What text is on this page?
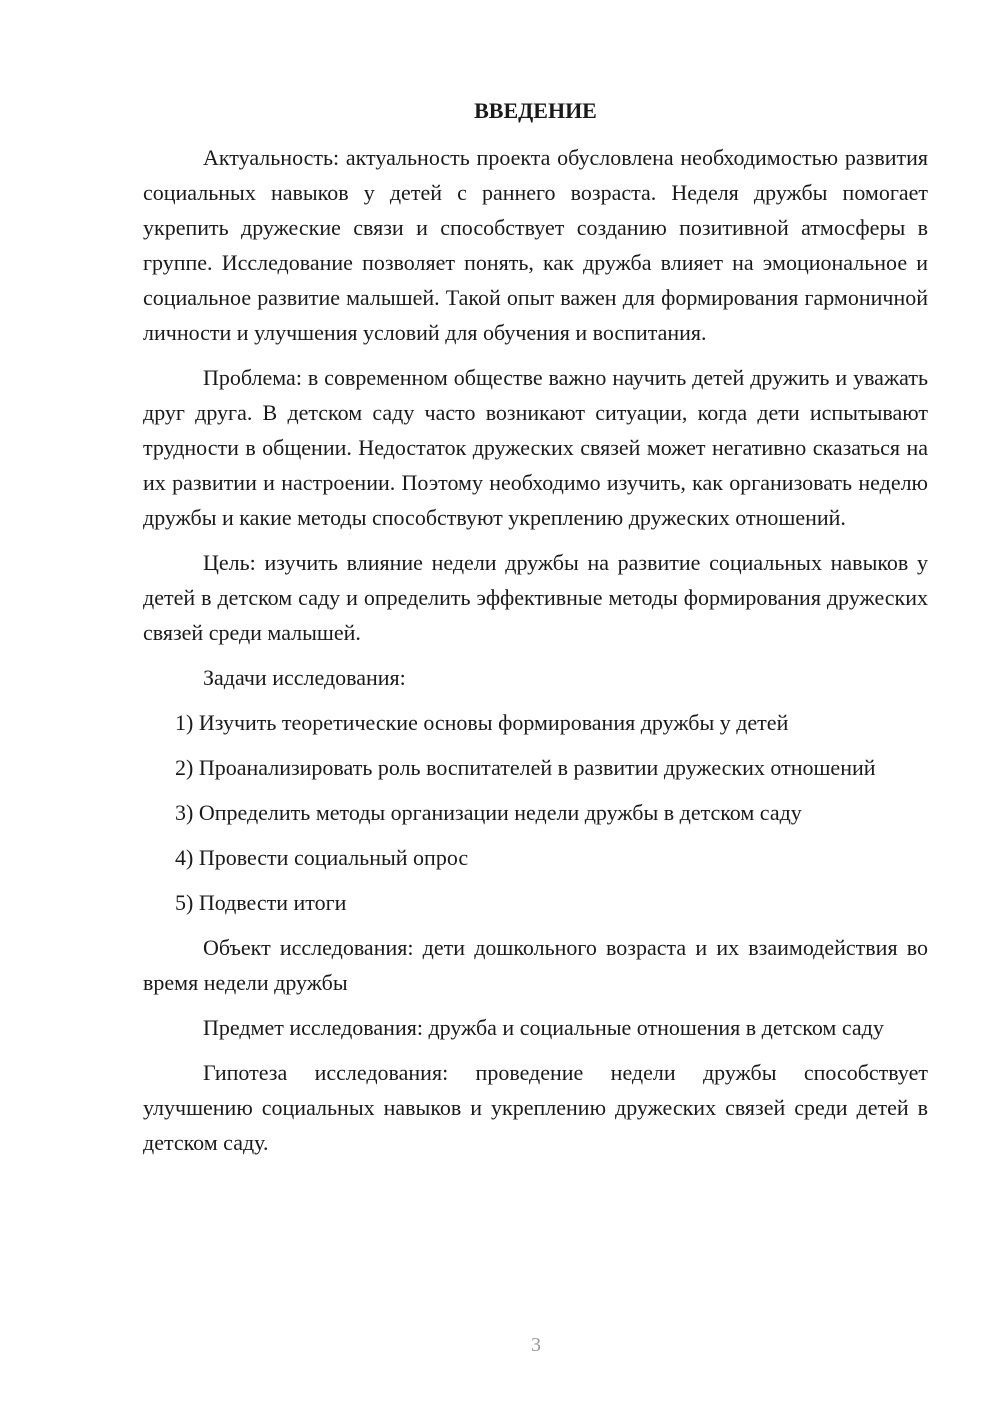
ВВЕДЕНИЕ

Актуальность: актуальность проекта обусловлена необходимостью развития социальных навыков у детей с раннего возраста. Неделя дружбы помогает укрепить дружеские связи и способствует созданию позитивной атмосферы в группе. Исследование позволяет понять, как дружба влияет на эмоциональное и социальное развитие малышей. Такой опыт важен для формирования гармоничной личности и улучшения условий для обучения и воспитания.

Проблема: в современном обществе важно научить детей дружить и уважать друг друга. В детском саду часто возникают ситуации, когда дети испытывают трудности в общении. Недостаток дружеских связей может негативно сказаться на их развитии и настроении. Поэтому необходимо изучить, как организовать неделю дружбы и какие методы способствуют укреплению дружеских отношений.

Цель: изучить влияние недели дружбы на развитие социальных навыков у детей в детском саду и определить эффективные методы формирования дружеских связей среди малышей.

Задачи исследования:

1) Изучить теоретические основы формирования дружбы у детей

2) Проанализировать роль воспитателей в развитии дружеских отношений

3) Определить методы организации недели дружбы в детском саду

4) Провести социальный опрос

5) Подвести итоги

Объект исследования: дети дошкольного возраста и их взаимодействия во время недели дружбы

Предмет исследования: дружба и социальные отношения в детском саду

Гипотеза исследования: проведение недели дружбы способствует улучшению социальных навыков и укреплению дружеских связей среди детей в детском саду.

3
